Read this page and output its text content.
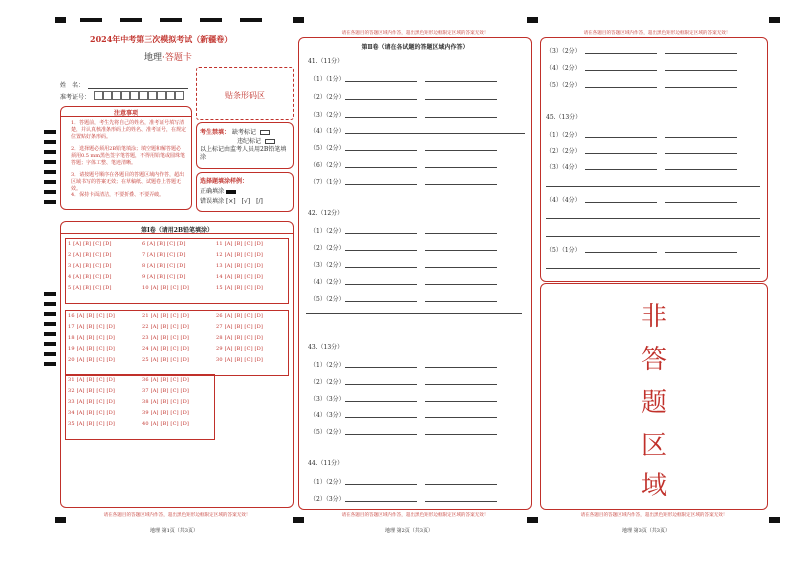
2024年中考第三次模拟考试（新疆卷）
地理·答题卡
姓　名：
准考证号：	贴条形码区
注意事项
1．答题前，考生先将自己的姓名，准考证号填写清楚，并认真核准条形码上的姓名、准考证号，在规定位置贴好条形码。
2．选择题必须用2B铅笔填涂；填空题和解答题必须用0.5 mm黑色签字笔答题，不得用铅笔或圆珠笔答题；字体工整、笔迹清晰。
3．请按题号顺序在各题目的答题区域内作答，超出区域书写的答案无效；在草稿纸、试题卷上答题无效。
4．保持卡面清洁，不要折叠、不要弄破。
考生禁填： 缺考标记
违纪标记
以上标记由监考人员用2B铅笔填涂
选择题填涂样例：
正确填涂
错误填涂 [×]　[√]　[/]
第Ⅰ卷（请用2B铅笔填涂）
请在各题目的答题区域内作答，超出黑色矩形边框限定区域的答案无效！
地理 第1页（共3页）
请在各题目的答题区域内作答，超出黑色矩形边框限定区域的答案无效！
第Ⅱ卷（请在各试题的答题区域内作答）
请在各题目的答题区域内作答，超出黑色矩形边框限定区域的答案无效！
地理 第2页（共3页）
请在各题目的答题区域内作答，超出黑色矩形边框限定区域的答案无效！
非
答
题
区
域
请在各题目的答题区域内作答，超出黑色矩形边框限定区域的答案无效！
地理 第3页（共3页）
1 [A] [B] [C] [D]	6 [A] [B] [C] [D]	11 [A] [B] [C] [D]
2 [A] [B] [C] [D]	7 [A] [B] [C] [D]	12 [A] [B] [C] [D]
3 [A] [B] [C] [D]	8 [A] [B] [C] [D]	13 [A] [B] [C] [D]
4 [A] [B] [C] [D]	9 [A] [B] [C] [D]	14 [A] [B] [C] [D]
5 [A] [B] [C] [D]	10 [A] [B] [C] [D]	15 [A] [B] [C] [D]
16 [A] [B] [C] [D]	21 [A] [B] [C] [D]	26 [A] [B] [C] [D]
17 [A] [B] [C] [D]	22 [A] [B] [C] [D]	27 [A] [B] [C] [D]
18 [A] [B] [C] [D]	23 [A] [B] [C] [D]	28 [A] [B] [C] [D]
19 [A] [B] [C] [D]	24 [A] [B] [C] [D]	29 [A] [B] [C] [D]
20 [A] [B] [C] [D]	25 [A] [B] [C] [D]	30 [A] [B] [C] [D]
31 [A] [B] [C] [D]	36 [A] [B] [C] [D]
32 [A] [B] [C] [D]	37 [A] [B] [C] [D]
33 [A] [B] [C] [D]	38 [A] [B] [C] [D]
34 [A] [B] [C] [D]	39 [A] [B] [C] [D]
35 [A] [B] [C] [D]	40 [A] [B] [C] [D]
41.（11分）
（1）（1分）
（2）（2分）
（3）（2分）
（4）（1分）
（5）（2分）
（6）（2分）
（7）（1分）
42.（12分）
（1）（2分）
（2）（2分）
（3）（2分）
（4）（2分）
（5）（2分）
43.（13分）
（1）（2分）
（2）（2分）
（3）（3分）
（4）（3分）
（5）（2分）
44.（11分）
（1）（2分）
（2）（3分）
（3）（2分）
（4）（2分）
（5）（2分）
45.（13分）
（1）（2分）
（2）（2分）
（3）（4分）
（4）（4分）
（5）（1分）
